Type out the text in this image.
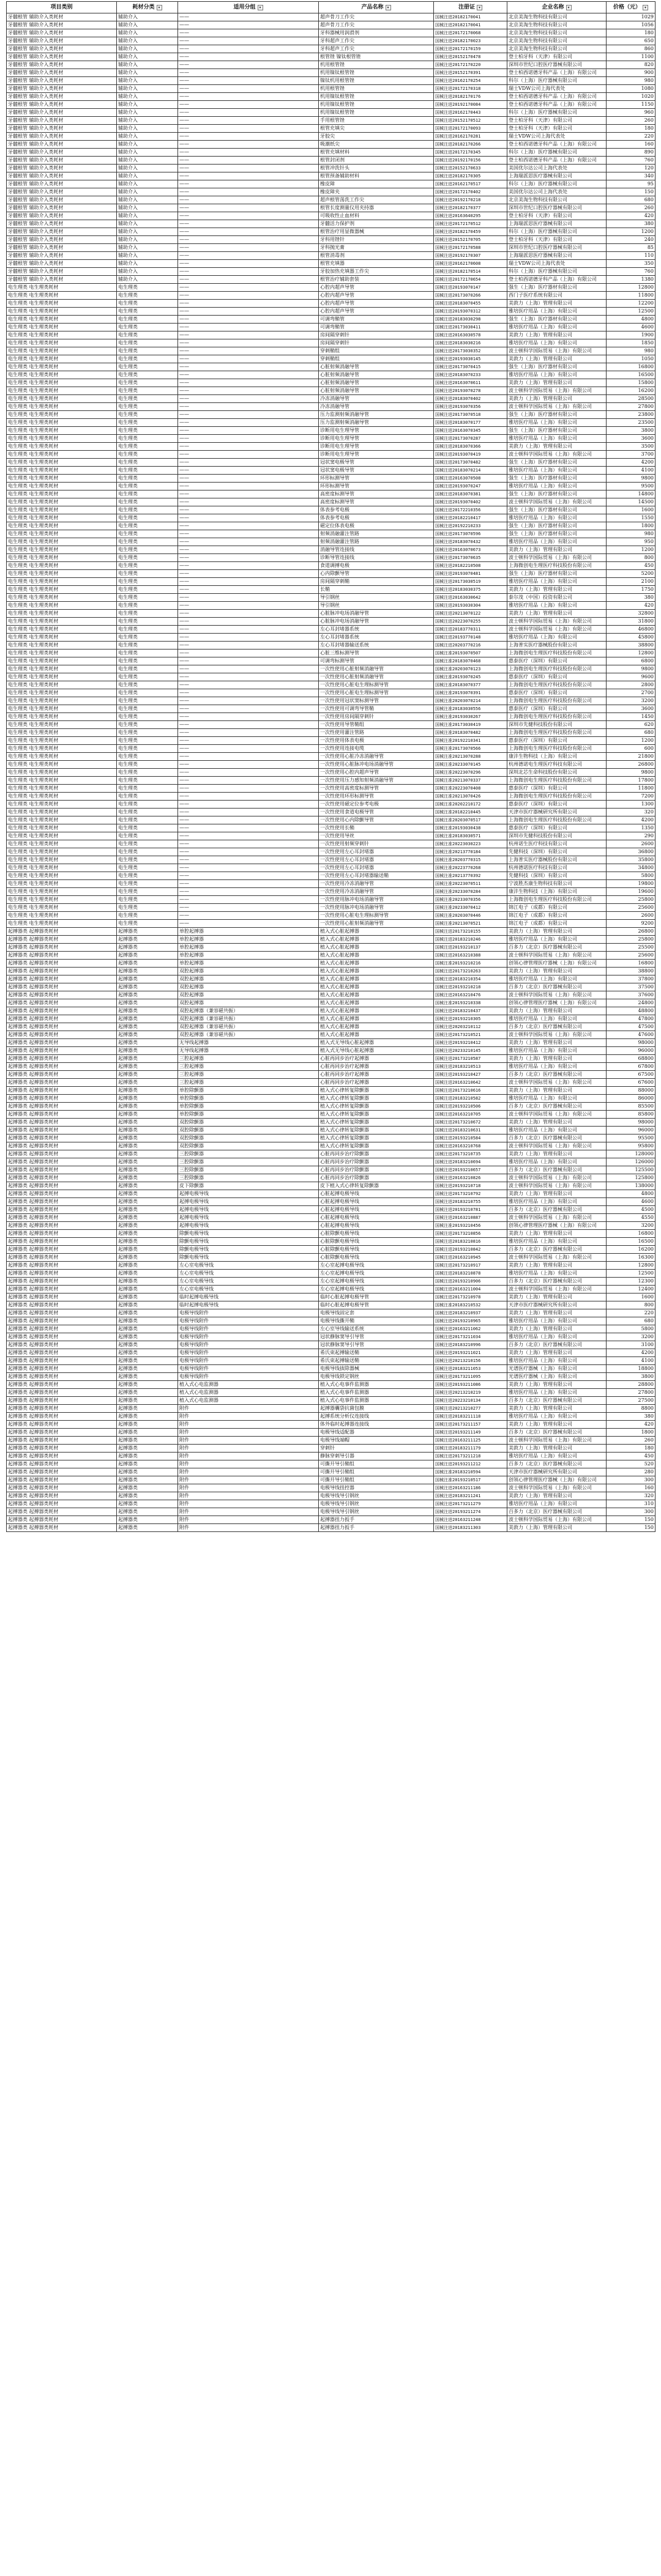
项目类别	耗材分类 ▾	适用分组 ▾	产品名称 ▾	注册证 ▾	企业名称 ▾	价格（元） ▾

牙髓根管 辅助介入类耗材	辅助介入	——	超声骨刀工作尖	国械注进20182170041	北京美淘生物科技有限公司	1029
牙髓根管 辅助介入类耗材	辅助介入	——	超声骨刀工作尖	国械注进20182170041	北京美淘生物科技有限公司	1056
牙髓根管 辅助介入类耗材	辅助介入	——	牙科器械用润滑剂	国械注进20172170068	北京美淘生物科技有限公司	180
牙髓根管 辅助介入类耗材	辅助介入	——	牙科超声工作尖	国械注进20182170023	北京美淘生物科技有限公司	650
牙髓根管 辅助介入类耗材	辅助介入	——	牙科超声工作尖	国械注进20172170159	北京美淘生物科技有限公司	860
牙髓根管 辅助介入类耗材	辅助介入	——	根管锉 镍钛根管锉	国械注进20152170478	登士柏牙科（天津）有限公司	1100
牙髓根管 辅助介入类耗材	辅助介入	——	机用根管锉	国械注进20172170220	深圳市世纪口腔医疗器械有限公司	820
牙髓根管 辅助介入类耗材	辅助介入	——	机用镍钛根管锉	国械注进20152170391	登士柏西诺德牙科产品（上海）有限公司	900
牙髓根管 辅助介入类耗材	辅助介入	——	镍钛机用根管锉	国械注进20162170254	科尔（上海）医疗器械有限公司	980
牙髓根管 辅助介入类耗材	辅助介入	——	机用根管锉	国械注进20172170318	瑞士VDW公司上海代表处	1080
牙髓根管 辅助介入类耗材	辅助介入	——	机用镍钛根管锉	国械注进20182170176	登士柏西诺德牙科产品（上海）有限公司	1020
牙髓根管 辅助介入类耗材	辅助介入	——	机用镍钛根管锉	国械注进20192170084	登士柏西诺德牙科产品（上海）有限公司	1150
牙髓根管 辅助介入类耗材	辅助介入	——	机用镍钛根管锉	国械注进20162170443	科尔（上海）医疗器械有限公司	960
牙髓根管 辅助介入类耗材	辅助介入	——	手用根管锉	国械注进20152170512	登士柏牙科（天津）有限公司	260
牙髓根管 辅助介入类耗材	辅助介入	——	根管充填尖	国械注进20172170093	登士柏牙科（天津）有限公司	180
牙髓根管 辅助介入类耗材	辅助介入	——	牙胶尖	国械注进20162170281	瑞士VDW公司上海代表处	220
牙髓根管 辅助介入类耗材	辅助介入	——	吸潮纸尖	国械注进20182170266	登士柏西诺德牙科产品（上海）有限公司	160
牙髓根管 辅助介入类耗材	辅助介入	——	根管充填材料	国械注进20172170345	科尔（上海）医疗器械有限公司	890
牙髓根管 辅助介入类耗材	辅助介入	——	根管封闭剂	国械注进20192170156	登士柏西诺德牙科产品（上海）有限公司	760
牙髓根管 辅助介入类耗材	辅助介入	——	根管冲洗针头	国械注进20152170633	美国优尔达公司上海代表处	120
牙髓根管 辅助介入类耗材	辅助介入	——	根管预备辅助材料	国械注进20182170305	上海瑞派思医疗器械有限公司	340
牙髓根管 辅助介入类耗材	辅助介入	——	橡皮障	国械注进20162170517	科尔（上海）医疗器械有限公司	95
牙髓根管 辅助介入类耗材	辅助介入	——	橡皮障夹	国械注进20172170402	美国优尔达公司上海代表处	150
牙髓根管 辅助介入类耗材	辅助介入	——	超声根管荡洗工作尖	国械注进20192170218	北京美淘生物科技有限公司	680
牙髓根管 辅助介入类耗材	辅助介入	——	根管长度测量仪用夹持器	国械注进20182170377	深圳市世纪口腔医疗器械有限公司	260
牙髓根管 辅助介入类耗材	辅助介入	——	可吸收性止血材料	国械注进20163640295	登士柏牙科（天津）有限公司	420
牙髓根管 辅助介入类耗材	辅助介入	——	牙髓活力保护剂	国械注进20172170512	上海瑞派思医疗器械有限公司	380
牙髓根管 辅助介入类耗材	辅助介入	——	根管治疗用显微器械	国械注进20182170459	科尔（上海）医疗器械有限公司	1200
牙髓根管 辅助介入类耗材	辅助介入	——	牙科用锉针	国械注进20152170705	登士柏牙科（天津）有限公司	240
牙髓根管 辅助介入类耗材	辅助介入	——	牙科抛光膏	国械注进20172170588	深圳市世纪口腔医疗器械有限公司	85
牙髓根管 辅助介入类耗材	辅助介入	——	根管消毒剂	国械注进20192170307	上海瑞派思医疗器械有限公司	110
牙髓根管 辅助介入类耗材	辅助介入	——	根管充填器	国械注进20162170608	瑞士VDW公司上海代表处	350
牙髓根管 辅助介入类耗材	辅助介入	——	牙胶加热充填器工作尖	国械注进20182170514	科尔（上海）医疗器械有限公司	760
牙髓根管 辅助介入类耗材	辅助介入	——	根管治疗辅助套装	国械注进20172170654	登士柏西诺德牙科产品（上海）有限公司	1380
电生理类 电生理类耗材	电生理类	——	心腔内超声导管	国械注进20193070147	强生（上海）医疗器材有限公司	12800
电生理类 电生理类耗材	电生理类	——	心腔内超声导管	国械注进20173070266	西门子医疗系统有限公司	11800
电生理类 电生理类耗材	电生理类	——	心腔内超声导管	国械注进20183070455	美敦力（上海）管理有限公司	12200
电生理类 电生理类耗材	电生理类	——	心腔内超声导管	国械注进20193070312	雅培医疗用品（上海）有限公司	12500
电生理类 电生理类耗材	电生理类	——	可调弯鞘管	国械注进20183030298	强生（上海）医疗器材有限公司	4800
电生理类 电生理类耗材	电生理类	——	可调弯鞘管	国械注进20173030411	雅培医疗用品（上海）有限公司	4600
电生理类 电生理类耗材	电生理类	——	房间隔穿刺针	国械注进20163030578	美敦力（上海）管理有限公司	1900
电生理类 电生理类耗材	电生理类	——	房间隔穿刺针	国械注进20183030216	雅培医疗用品（上海）有限公司	1850
电生理类 电生理类耗材	电生理类	——	穿刺鞘组	国械注进20173030352	波士顿科学国际贸易（上海）有限公司	980
电生理类 电生理类耗材	电生理类	——	穿刺鞘组	国械注进20193030145	美敦力（上海）管理有限公司	1050
电生理类 电生理类耗材	电生理类	——	心脏射频消融导管	国械注进20173070415	强生（上海）医疗器材有限公司	16800
电生理类 电生理类耗材	电生理类	——	心脏射频消融导管	国械注进20183070233	雅培医疗用品（上海）有限公司	16500
电生理类 电生理类耗材	电生理类	——	心脏射频消融导管	国械注进20163070611	美敦力（上海）管理有限公司	15800
电生理类 电生理类耗材	电生理类	——	心脏射频消融导管	国械注进20193070278	波士顿科学国际贸易（上海）有限公司	16200
电生理类 电生理类耗材	电生理类	——	冷冻消融导管	国械注进20183070402	美敦力（上海）管理有限公司	28500
电生理类 电生理类耗材	电生理类	——	冷冻消融导管	国械注进20193070356	波士顿科学国际贸易（上海）有限公司	27800
电生理类 电生理类耗材	电生理类	——	压力监测射频消融导管	国械注进20173070518	强生（上海）医疗器材有限公司	23800
电生理类 电生理类耗材	电生理类	——	压力监测射频消融导管	国械注进20183070177	雅培医疗用品（上海）有限公司	23500
电生理类 电生理类耗材	电生理类	——	诊断用电生理导管	国械注进20163070345	强生（上海）医疗器材有限公司	3800
电生理类 电生理类耗材	电生理类	——	诊断用电生理导管	国械注进20173070287	雅培医疗用品（上海）有限公司	3600
电生理类 电生理类耗材	电生理类	——	诊断用电生理导管	国械注进20183070366	美敦力（上海）管理有限公司	3500
电生理类 电生理类耗材	电生理类	——	诊断用电生理导管	国械注进20193070419	波士顿科学国际贸易（上海）有限公司	3700
电生理类 电生理类耗材	电生理类	——	冠状窦电极导管	国械注进20173070482	强生（上海）医疗器材有限公司	4200
电生理类 电生理类耗材	电生理类	——	冠状窦电极导管	国械注进20183070214	雅培医疗用品（上海）有限公司	4100
电生理类 电生理类耗材	电生理类	——	环形标测导管	国械注进20163070508	强生（上海）医疗器材有限公司	9800
电生理类 电生理类耗材	电生理类	——	环形标测导管	国械注进20193070247	雅培医疗用品（上海）有限公司	9500
电生理类 电生理类耗材	电生理类	——	高密度标测导管	国械注进20183070381	强生（上海）医疗器材有限公司	14800
电生理类 电生理类耗材	电生理类	——	高密度标测导管	国械注进20193070402	波士顿科学国际贸易（上海）有限公司	14500
电生理类 电生理类耗材	电生理类	——	体表参考电极	国械注进20172210356	强生（上海）医疗器材有限公司	1600
电生理类 电生理类耗材	电生理类	——	体表参考电极	国械注进20182210417	雅培医疗用品（上海）有限公司	1550
电生理类 电生理类耗材	电生理类	——	磁定位体表电极	国械注进20192210233	强生（上海）医疗器材有限公司	1800
电生理类 电生理类耗材	电生理类	——	射频消融灌注管路	国械注进20173070596	强生（上海）医疗器材有限公司	980
电生理类 电生理类耗材	电生理类	——	射频消融灌注管路	国械注进20183070432	雅培医疗用品（上海）有限公司	950
电生理类 电生理类耗材	电生理类	——	消融导管连接线	国械注进20163070673	美敦力（上海）管理有限公司	1200
电生理类 电生理类耗材	电生理类	——	诊断导管连接线	国械注进20173070635	波士顿科学国际贸易（上海）有限公司	800
电生理类 电生理类耗材	电生理类	——	食道调搏电极	国械注进20182210508	上海微创电生理医疗科技股份有限公司	450
电生理类 电生理类耗材	电生理类	——	心内除颤导管	国械注进20193070481	强生（上海）医疗器材有限公司	5200
电生理类 电生理类耗材	电生理类	——	房间隔穿刺鞘	国械注进20173030519	雅培医疗用品（上海）有限公司	2100
电生理类 电生理类耗材	电生理类	——	长鞘	国械注进20183030375	美敦力（上海）管理有限公司	1750
电生理类 电生理类耗材	电生理类	——	导引钢丝	国械注进20163030642	泰尔茂（中国）投资有限公司	380
电生理类 电生理类耗材	电生理类	——	导引钢丝	国械注进20193030304	雅培医疗用品（上海）有限公司	420
电生理类 电生理类耗材	电生理类	——	心脏脉冲电场消融导管	国械注进20213070122	美敦力（上海）管理有限公司	32800
电生理类 电生理类耗材	电生理类	——	心脏脉冲电场消融导管	国械注进20223070255	波士顿科学国际贸易（上海）有限公司	31800
电生理类 电生理类耗材	电生理类	——	左心耳封堵器系统	国械注进20183770311	波士顿科学国际贸易（上海）有限公司	46800
电生理类 电生理类耗材	电生理类	——	左心耳封堵器系统	国械注进20193770148	雅培医疗用品（上海）有限公司	45800
电生理类 电生理类耗材	电生理类	——	左心耳封堵器输送系统	国械注进20203770216	上海普实医疗器械股份有限公司	38800
电生理类 电生理类耗材	电生理类	——	心脏三维标测导管	国械注准20193070507	上海微创电生理医疗科技股份有限公司	12800
电生理类 电生理类耗材	电生理类	——	可调弯标测导管	国械注准20183070468	惠泰医疗（深圳）有限公司	6800
电生理类 电生理类耗材	电生理类	——	一次性使用心脏射频消融导管	国械注准20203070123	上海微创电生理医疗科技股份有限公司	9800
电生理类 电生理类耗材	电生理类	——	一次性使用心脏射频消融导管	国械注准20193070245	惠泰医疗（深圳）有限公司	9600
电生理类 电生理类耗材	电生理类	——	一次性使用心脏电生理标测导管	国械注准20183070377	上海微创电生理医疗科技股份有限公司	2800
电生理类 电生理类耗材	电生理类	——	一次性使用心脏电生理标测导管	国械注准20193070391	惠泰医疗（深圳）有限公司	2700
电生理类 电生理类耗材	电生理类	——	一次性使用冠状窦标测导管	国械注准20203070214	上海微创电生理医疗科技股份有限公司	3200
电生理类 电生理类耗材	电生理类	——	一次性使用可调弯导管鞘	国械注准20183030556	惠泰医疗（深圳）有限公司	3600
电生理类 电生理类耗材	电生理类	——	一次性使用房间隔穿刺针	国械注准20193030267	上海微创电生理医疗科技股份有限公司	1450
电生理类 电生理类耗材	电生理类	——	一次性使用导管鞘组	国械注准20173030419	深圳市先健科技股份有限公司	620
电生理类 电生理类耗材	电生理类	——	一次性使用灌注管路	国械注准20183070482	上海微创电生理医疗科技股份有限公司	680
电生理类 电生理类耗材	电生理类	——	一次性使用体表电极	国械注准20192210341	惠泰医疗（深圳）有限公司	1200
电生理类 电生理类耗材	电生理类	——	一次性使用连接电缆	国械注准20173070566	上海微创电生理医疗科技股份有限公司	600
电生理类 电生理类耗材	电生理类	——	一次性使用心脏冷冻消融导管	国械注准20213070288	康沣生物科技（上海）有限公司	21800
电生理类 电生理类耗材	电生理类	——	一次性使用心脏脉冲电场消融导管	国械注准20233070145	杭州德诺电生理医疗科技有限公司	26800
电生理类 电生理类耗材	电生理类	——	一次性使用心腔内超声导管	国械注准20223070296	深圳北芯生命科技股份有限公司	9800
电生理类 电生理类耗材	电生理类	——	一次性使用压力感知射频消融导管	国械注准20213070337	上海微创电生理医疗科技股份有限公司	17800
电生理类 电生理类耗材	电生理类	——	一次性使用高密度标测导管	国械注准20223070408	惠泰医疗（深圳）有限公司	11800
电生理类 电生理类耗材	电生理类	——	一次性使用环形标测导管	国械注准20213070426	上海微创电生理医疗科技股份有限公司	7200
电生理类 电生理类耗材	电生理类	——	一次性使用磁定位参考电极	国械注准20202210172	惠泰医疗（深圳）有限公司	1300
电生理类 电生理类耗材	电生理类	——	一次性使用食道电极导管	国械注准20182210445	天津市医疗器械研究所有限公司	320
电生理类 电生理类耗材	电生理类	——	一次性使用心内除颤导管	国械注准20203070517	上海微创电生理医疗科技股份有限公司	4200
电生理类 电生理类耗材	电生理类	——	一次性使用长鞘	国械注准20193030438	惠泰医疗（深圳）有限公司	1350
电生理类 电生理类耗材	电生理类	——	一次性使用导丝	国械注准20183030571	深圳市先健科技股份有限公司	290
电生理类 电生理类耗材	电生理类	——	一次性使用射频穿刺针	国械注准20223030223	杭州诺生医疗科技有限公司	2600
电生理类 电生理类耗材	电生理类	——	一次性使用左心耳封堵器	国械注准20213770184	先健科技（深圳）有限公司	36800
电生理类 电生理类耗材	电生理类	——	一次性使用左心耳封堵器	国械注准20203770315	上海普实医疗器械股份有限公司	35800
电生理类 电生理类耗材	电生理类	——	一次性使用左心耳封堵器	国械注准20223770268	杭州德诺医疗科技有限公司	34800
电生理类 电生理类耗材	电生理类	——	一次性使用左心耳封堵器输送鞘	国械注准20213770392	先健科技（深圳）有限公司	5800
电生理类 电生理类耗材	电生理类	——	一次性使用冷冻消融导管	国械注准20223070511	宁波胜杰康生物科技有限公司	19800
电生理类 电生理类耗材	电生理类	——	一次性使用冷冻消融导管	国械注准20233070284	康沣生物科技（上海）有限公司	19600
电生理类 电生理类耗材	电生理类	——	一次性使用脉冲电场消融导管	国械注准20233070356	上海微创电生理医疗科技股份有限公司	25800
电生理类 电生理类耗材	电生理类	——	一次性使用脉冲电场消融导管	国械注准20233070412	锦江电子（成都）有限公司	25600
电生理类 电生理类耗材	电生理类	——	一次性使用心脏电生理标测导管	国械注准20203070446	锦江电子（成都）有限公司	2600
电生理类 电生理类耗材	电生理类	——	一次性使用心脏射频消融导管	国械注准20213070521	锦江电子（成都）有限公司	9200
起搏器类 起搏器类耗材	起搏器类	单腔起搏器	植入式心脏起搏器	国械注进20173210155	美敦力（上海）管理有限公司	26800
起搏器类 起搏器类耗材	起搏器类	单腔起搏器	植入式心脏起搏器	国械注进20183210246	雅培医疗用品（上海）有限公司	25800
起搏器类 起搏器类耗材	起搏器类	单腔起搏器	植入式心脏起搏器	国械注进20193210137	百多力（北京）医疗器械有限公司	25500
起搏器类 起搏器类耗材	起搏器类	单腔起搏器	植入式心脏起搏器	国械注进20163210388	波士顿科学国际贸易（上海）有限公司	25600
起搏器类 起搏器类耗材	起搏器类	单腔起搏器	植入式心脏起搏器	国械注准20193210216	创领心律管理医疗器械（上海）有限公司	16800
起搏器类 起搏器类耗材	起搏器类	双腔起搏器	植入式心脏起搏器	国械注进20173210263	美敦力（上海）管理有限公司	38800
起搏器类 起搏器类耗材	起搏器类	双腔起搏器	植入式心脏起搏器	国械注进20183210354	雅培医疗用品（上海）有限公司	37800
起搏器类 起搏器类耗材	起搏器类	双腔起搏器	植入式心脏起搏器	国械注进20193210218	百多力（北京）医疗器械有限公司	37500
起搏器类 起搏器类耗材	起搏器类	双腔起搏器	植入式心脏起搏器	国械注进20163210476	波士顿科学国际贸易（上海）有限公司	37600
起搏器类 起搏器类耗材	起搏器类	双腔起搏器	植入式心脏起搏器	国械注准20193210338	创领心律管理医疗器械（上海）有限公司	24800
起搏器类 起搏器类耗材	起搏器类	双腔起搏器（兼容磁共振）	植入式心脏起搏器	国械注进20183210437	美敦力（上海）管理有限公司	48800
起搏器类 起搏器类耗材	起搏器类	双腔起搏器（兼容磁共振）	植入式心脏起搏器	国械注进20193210305	雅培医疗用品（上海）有限公司	47800
起搏器类 起搏器类耗材	起搏器类	双腔起搏器（兼容磁共振）	植入式心脏起搏器	国械注进20203210112	百多力（北京）医疗器械有限公司	47500
起搏器类 起搏器类耗材	起搏器类	双腔起搏器（兼容磁共振）	植入式心脏起搏器	国械注进20173210521	波士顿科学国际贸易（上海）有限公司	47600
起搏器类 起搏器类耗材	起搏器类	无导线起搏器	植入式无导线心脏起搏器	国械注进20193210412	美敦力（上海）管理有限公司	98000
起搏器类 起搏器类耗材	起搏器类	无导线起搏器	植入式无导线心脏起搏器	国械注进20233210145	雅培医疗用品（上海）有限公司	96000
起搏器类 起搏器类耗材	起搏器类	三腔起搏器	心脏再同步治疗起搏器	国械注进20173210587	美敦力（上海）管理有限公司	68800
起搏器类 起搏器类耗材	起搏器类	三腔起搏器	心脏再同步治疗起搏器	国械注进20183210513	雅培医疗用品（上海）有限公司	67800
起搏器类 起搏器类耗材	起搏器类	三腔起搏器	心脏再同步治疗起搏器	国械注进20193210427	百多力（北京）医疗器械有限公司	67500
起搏器类 起搏器类耗材	起搏器类	三腔起搏器	心脏再同步治疗起搏器	国械注进20163210642	波士顿科学国际贸易（上海）有限公司	67600
起搏器类 起搏器类耗材	起搏器类	单腔除颤器	植入式心律转复除颤器	国械注进20173210616	美敦力（上海）管理有限公司	88000
起搏器类 起搏器类耗材	起搏器类	单腔除颤器	植入式心律转复除颤器	国械注进20183210582	雅培医疗用品（上海）有限公司	86000
起搏器类 起搏器类耗材	起搏器类	单腔除颤器	植入式心律转复除颤器	国械注进20193210506	百多力（北京）医疗器械有限公司	85500
起搏器类 起搏器类耗材	起搏器类	单腔除颤器	植入式心律转复除颤器	国械注进20163210705	波士顿科学国际贸易（上海）有限公司	85800
起搏器类 起搏器类耗材	起搏器类	双腔除颤器	植入式心律转复除颤器	国械注进20173210672	美敦力（上海）管理有限公司	98000
起搏器类 起搏器类耗材	起搏器类	双腔除颤器	植入式心律转复除颤器	国械注进20183210631	雅培医疗用品（上海）有限公司	96000
起搏器类 起搏器类耗材	起搏器类	双腔除颤器	植入式心律转复除颤器	国械注进20193210584	百多力（北京）医疗器械有限公司	95500
起搏器类 起搏器类耗材	起搏器类	双腔除颤器	植入式心律转复除颤器	国械注进20163210768	波士顿科学国际贸易（上海）有限公司	95800
起搏器类 起搏器类耗材	起搏器类	三腔除颤器	心脏再同步治疗除颤器	国械注进20173210735	美敦力（上海）管理有限公司	128000
起搏器类 起搏器类耗材	起搏器类	三腔除颤器	心脏再同步治疗除颤器	国械注进20183210694	雅培医疗用品（上海）有限公司	126000
起搏器类 起搏器类耗材	起搏器类	三腔除颤器	心脏再同步治疗除颤器	国械注进20193210657	百多力（北京）医疗器械有限公司	125500
起搏器类 起搏器类耗材	起搏器类	三腔除颤器	心脏再同步治疗除颤器	国械注进20163210826	波士顿科学国际贸易（上海）有限公司	125800
起搏器类 起搏器类耗材	起搏器类	皮下除颤器	皮下植入式心律转复除颤器	国械注进20193210718	波士顿科学国际贸易（上海）有限公司	138000
起搏器类 起搏器类耗材	起搏器类	起搏电极导线	心脏起搏电极导线	国械注进20173210792	美敦力（上海）管理有限公司	4800
起搏器类 起搏器类耗材	起搏器类	起搏电极导线	心脏起搏电极导线	国械注进20183210755	雅培医疗用品（上海）有限公司	4600
起搏器类 起搏器类耗材	起搏器类	起搏电极导线	心脏起搏电极导线	国械注进20193210781	百多力（北京）医疗器械有限公司	4500
起搏器类 起搏器类耗材	起搏器类	起搏电极导线	心脏起搏电极导线	国械注进20163210887	波士顿科学国际贸易（上海）有限公司	4550
起搏器类 起搏器类耗材	起搏器类	起搏电极导线	心脏起搏电极导线	国械注准20193210456	创领心律管理医疗器械（上海）有限公司	3200
起搏器类 起搏器类耗材	起搏器类	除颤电极导线	心脏除颤电极导线	国械注进20173210856	美敦力（上海）管理有限公司	16800
起搏器类 起搏器类耗材	起搏器类	除颤电极导线	心脏除颤电极导线	国械注进20183210816	雅培医疗用品（上海）有限公司	16500
起搏器类 起搏器类耗材	起搏器类	除颤电极导线	心脏除颤电极导线	国械注进20193210842	百多力（北京）医疗器械有限公司	16200
起搏器类 起搏器类耗材	起搏器类	除颤电极导线	心脏除颤电极导线	国械注进20163210945	波士顿科学国际贸易（上海）有限公司	16300
起搏器类 起搏器类耗材	起搏器类	左心室电极导线	左心室起搏电极导线	国械注进20173210917	美敦力（上海）管理有限公司	12800
起搏器类 起搏器类耗材	起搏器类	左心室电极导线	左心室起搏电极导线	国械注进20183210878	雅培医疗用品（上海）有限公司	12500
起搏器类 起搏器类耗材	起搏器类	左心室电极导线	左心室起搏电极导线	国械注进20193210906	百多力（北京）医疗器械有限公司	12300
起搏器类 起搏器类耗材	起搏器类	左心室电极导线	左心室起搏电极导线	国械注进20163211004	波士顿科学国际贸易（上海）有限公司	12400
起搏器类 起搏器类耗材	起搏器类	临时起搏电极导线	临时心脏起搏电极导管	国械注进20173210978	美敦力（上海）管理有限公司	1600
起搏器类 起搏器类耗材	起搏器类	临时起搏电极导线	临时心脏起搏电极导管	国械注准20183210532	天津市医疗器械研究所有限公司	800
起搏器类 起搏器类耗材	起搏器类	电极导线附件	电极导线固定套	国械注进20183210937	美敦力（上海）管理有限公司	220
起搏器类 起搏器类耗材	起搏器类	电极导线附件	电极导线撕开鞘	国械注进20193210965	雅培医疗用品（上海）有限公司	680
起搏器类 起搏器类耗材	起搏器类	电极导线附件	左心室导线输送系统	国械注进20163211062	美敦力（上海）管理有限公司	5800
起搏器类 起搏器类耗材	起搏器类	电极导线附件	冠状静脉窦导引导管	国械注进20173211034	雅培医疗用品（上海）有限公司	3200
起搏器类 起搏器类耗材	起搏器类	电极导线附件	冠状静脉窦导引导管	国械注进20183210996	百多力（北京）医疗器械有限公司	3100
起搏器类 起搏器类耗材	起搏器类	电极导线附件	希氏束起搏输送鞘	国械注进20193211021	美敦力（上海）管理有限公司	4200
起搏器类 起搏器类耗材	起搏器类	电极导线附件	希氏束起搏输送鞘	国械注进20213210156	雅培医疗用品（上海）有限公司	4100
起搏器类 起搏器类耗材	起搏器类	电极导线附件	电极导线拔除器械	国械注进20183211053	光谱医疗器械（上海）有限公司	18800
起搏器类 起搏器类耗材	起搏器类	电极导线附件	电极导线锁定钢丝	国械注进20173211095	光谱医疗器械（上海）有限公司	3800
起搏器类 起搏器类耗材	起搏器类	植入式心电监测器	植入式心电事件监测器	国械注进20193211086	美敦力（上海）管理有限公司	28800
起搏器类 起搏器类耗材	起搏器类	植入式心电监测器	植入式心电事件监测器	国械注进20213210219	雅培医疗用品（上海）有限公司	27800
起搏器类 起搏器类耗材	起搏器类	植入式心电监测器	植入式心电事件监测器	国械注进20223210134	百多力（北京）医疗器械有限公司	27500
起搏器类 起搏器类耗材	起搏器类	附件	起搏器囊袋抗菌包膜	国械注进20213210277	美敦力（上海）管理有限公司	8800
起搏器类 起搏器类耗材	起搏器类	附件	起搏系统分析仪连接线	国械注进20183211118	雅培医疗用品（上海）有限公司	380
起搏器类 起搏器类耗材	起搏器类	附件	体外临时起搏器连接线	国械注进20173211157	美敦力（上海）管理有限公司	420
起搏器类 起搏器类耗材	起搏器类	附件	电极导线适配器	国械注进20193211149	百多力（北京）医疗器械有限公司	1800
起搏器类 起搏器类耗材	起搏器类	附件	电极导线端帽	国械注进20163211125	波士顿科学国际贸易（上海）有限公司	260
起搏器类 起搏器类耗材	起搏器类	附件	穿刺针	国械注进20183211179	美敦力（上海）管理有限公司	180
起搏器类 起搏器类耗材	起搏器类	附件	静脉穿刺导引器	国械注进20173211218	雅培医疗用品（上海）有限公司	450
起搏器类 起搏器类耗材	起搏器类	附件	可撕开导引鞘组	国械注进20193211212	百多力（北京）医疗器械有限公司	520
起搏器类 起搏器类耗材	起搏器类	附件	可撕开导引鞘组	国械注准20183210594	天津市医疗器械研究所有限公司	280
起搏器类 起搏器类耗材	起搏器类	附件	可撕开导引鞘组	国械注准20193210517	创领心律管理医疗器械（上海）有限公司	300
起搏器类 起搏器类耗材	起搏器类	附件	电极导线扭控器	国械注进20163211186	波士顿科学国际贸易（上海）有限公司	160
起搏器类 起搏器类耗材	起搏器类	附件	电极导线导引钢丝	国械注进20183211241	美敦力（上海）管理有限公司	320
起搏器类 起搏器类耗材	起搏器类	附件	电极导线导引钢丝	国械注进20173211279	雅培医疗用品（上海）有限公司	310
起搏器类 起搏器类耗材	起搏器类	附件	电极导线导引钢丝	国械注进20193211274	百多力（北京）医疗器械有限公司	300
起搏器类 起搏器类耗材	起搏器类	附件	起搏器扭力扳手	国械注进20163211248	波士顿科学国际贸易（上海）有限公司	150
起搏器类 起搏器类耗材	起搏器类	附件	起搏器扭力扳手	国械注进20183211303	美敦力（上海）管理有限公司	150
